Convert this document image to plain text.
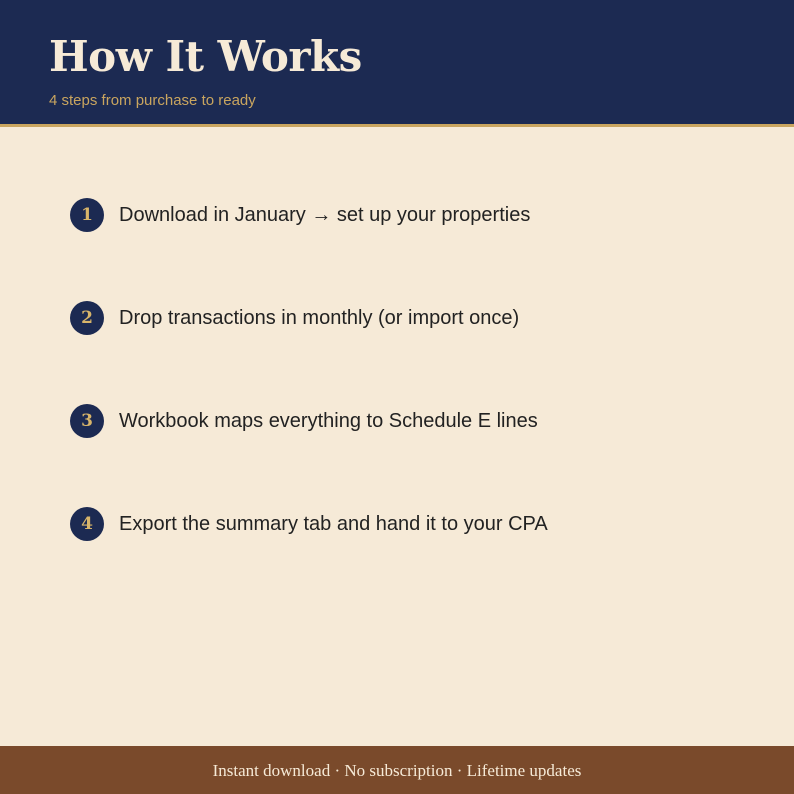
How It Works

4 steps from purchase to ready

1	Download in January → set up your properties
2	Drop transactions in monthly (or import once)
3	Workbook maps everything to Schedule E lines
4	Export the summary tab and hand it to your CPA
Instant download · No subscription · Lifetime updates
